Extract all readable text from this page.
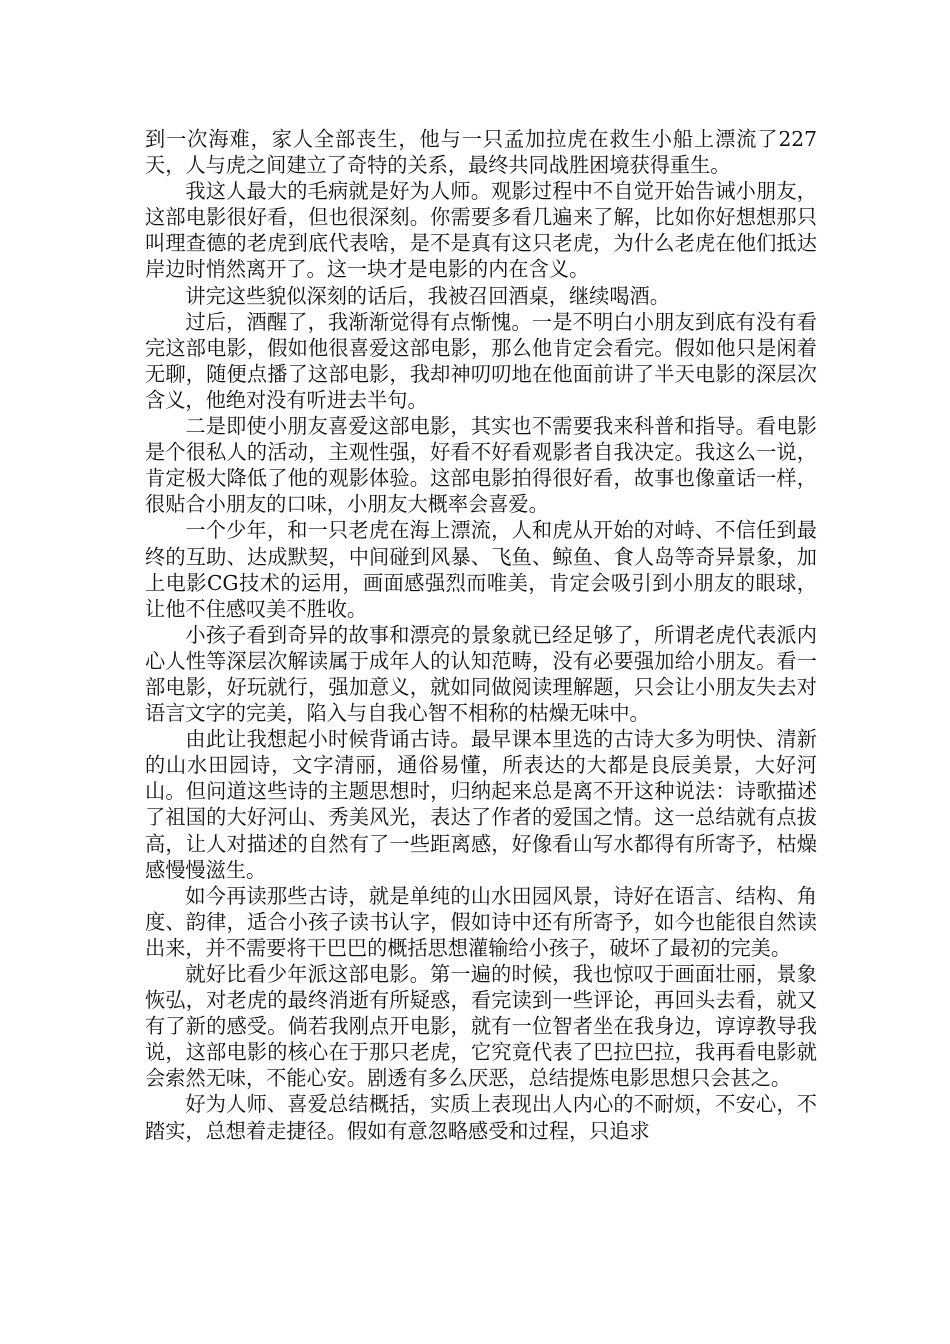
到一次海难，家人全部丧生，他与一只孟加拉虎在救生小船上漂流了227天，人与虎之间建立了奇特的关系，最终共同战胜困境获得重生。

我这人最大的毛病就是好为人师。观影过程中不自觉开始告诫小朋友，这部电影很好看，但也很深刻。你需要多看几遍来了解，比如你好想想那只叫理查德的老虎到底代表啥，是不是真有这只老虎，为什么老虎在他们抵达岸边时悄然离开了。这一块才是电影的内在含义。

讲完这些貌似深刻的话后，我被召回酒桌，继续喝酒。

过后，酒醒了，我渐渐觉得有点惭愧。一是不明白小朋友到底有没有看完这部电影，假如他很喜爱这部电影，那么他肯定会看完。假如他只是闲着无聊，随便点播了这部电影，我却神叨叨地在他面前讲了半天电影的深层次含义，他绝对没有听进去半句。

二是即使小朋友喜爱这部电影，其实也不需要我来科普和指导。看电影是个很私人的活动，主观性强，好看不好看观影者自我决定。我这么一说，肯定极大降低了他的观影体验。这部电影拍得很好看，故事也像童话一样，很贴合小朋友的口味，小朋友大概率会喜爱。

一个少年，和一只老虎在海上漂流，人和虎从开始的对峙、不信任到最终的互助、达成默契，中间碰到风暴、飞鱼、鲸鱼、食人岛等奇异景象，加上电影CG技术的运用，画面感强烈而唯美，肯定会吸引到小朋友的眼球，让他不住感叹美不胜收。

小孩子看到奇异的故事和漂亮的景象就已经足够了，所谓老虎代表派内心人性等深层次解读属于成年人的认知范畴，没有必要强加给小朋友。看一部电影，好玩就行，强加意义，就如同做阅读理解题，只会让小朋友失去对语言文字的完美，陷入与自我心智不相称的枯燥无味中。

由此让我想起小时候背诵古诗。最早课本里选的古诗大多为明快、清新的山水田园诗，文字清丽，通俗易懂，所表达的大都是良辰美景，大好河山。但问道这些诗的主题思想时，归纳起来总是离不开这种说法：诗歌描述了祖国的大好河山、秀美风光，表达了作者的爱国之情。这一总结就有点拔高，让人对描述的自然有了一些距离感，好像看山写水都得有所寄予，枯燥感慢慢滋生。

如今再读那些古诗，就是单纯的山水田园风景，诗好在语言、结构、角度、韵律，适合小孩子读书认字，假如诗中还有所寄予，如今也能很自然读出来，并不需要将干巴巴的概括思想灌输给小孩子，破坏了最初的完美。

就好比看少年派这部电影。第一遍的时候，我也惊叹于画面壮丽，景象恢弘，对老虎的最终消逝有所疑惑，看完读到一些评论，再回头去看，就又有了新的感受。倘若我刚点开电影，就有一位智者坐在我身边，谆谆教导我说，这部电影的核心在于那只老虎，它究竟代表了巴拉巴拉，我再看电影就会索然无味，不能心安。剧透有多么厌恶，总结提炼电影思想只会甚之。

好为人师、喜爱总结概括，实质上表现出人内心的不耐烦，不安心，不踏实，总想着走捷径。假如有意忽略感受和过程，只追求
